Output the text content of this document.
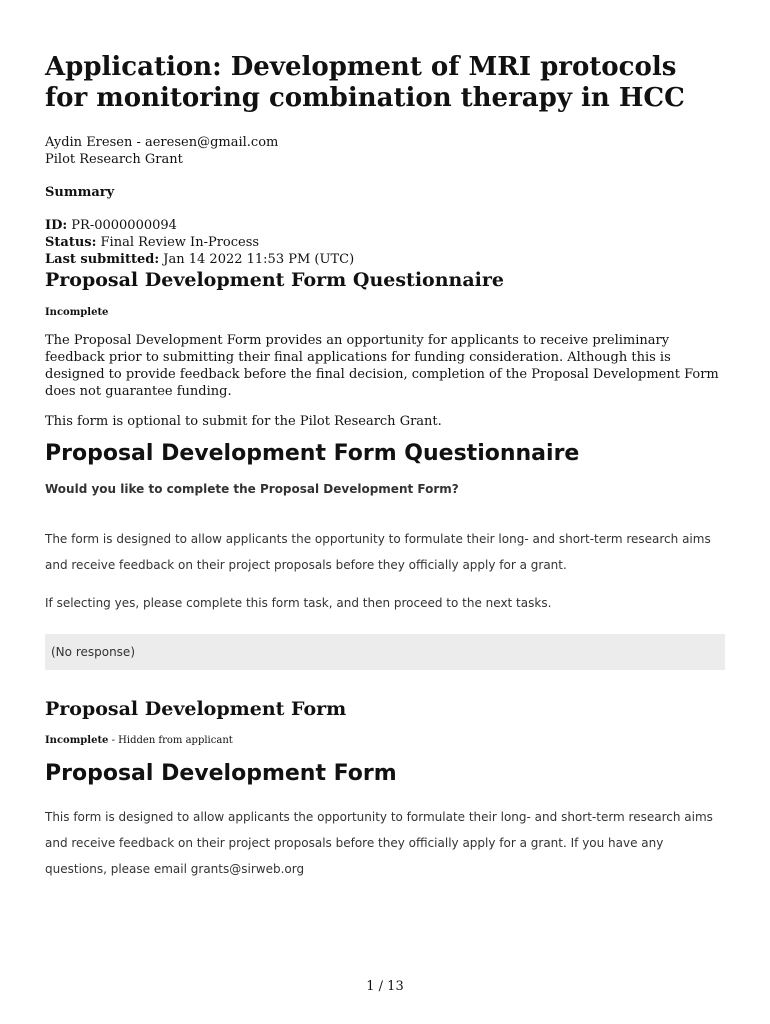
Application: Development of MRI protocols for monitoring combination therapy in HCC
Aydin Eresen - aeresen@gmail.com
Pilot Research Grant
Summary
ID: PR-0000000094
Status: Final Review In-Process
Last submitted: Jan 14 2022 11:53 PM (UTC)
Proposal Development Form Questionnaire
Incomplete

The Proposal Development Form provides an opportunity for applicants to receive preliminary feedback prior to submitting their final applications for funding consideration. Although this is designed to provide feedback before the final decision, completion of the Proposal Development Form does not guarantee funding.

This form is optional to submit for the Pilot Research Grant.

Proposal Development Form Questionnaire
Would you like to complete the Proposal Development Form?

The form is designed to allow applicants the opportunity to formulate their long- and short-term research aims and receive feedback on their project proposals before they officially apply for a grant.

If selecting yes, please complete this form task, and then proceed to the next tasks.

(No response)
Proposal Development Form
Incomplete - Hidden from applicant
Proposal Development Form

This form is designed to allow applicants the opportunity to formulate their long- and short-term research aims and receive feedback on their project proposals before they officially apply for a grant. If you have any questions, please email grants@sirweb.org

1 / 13
